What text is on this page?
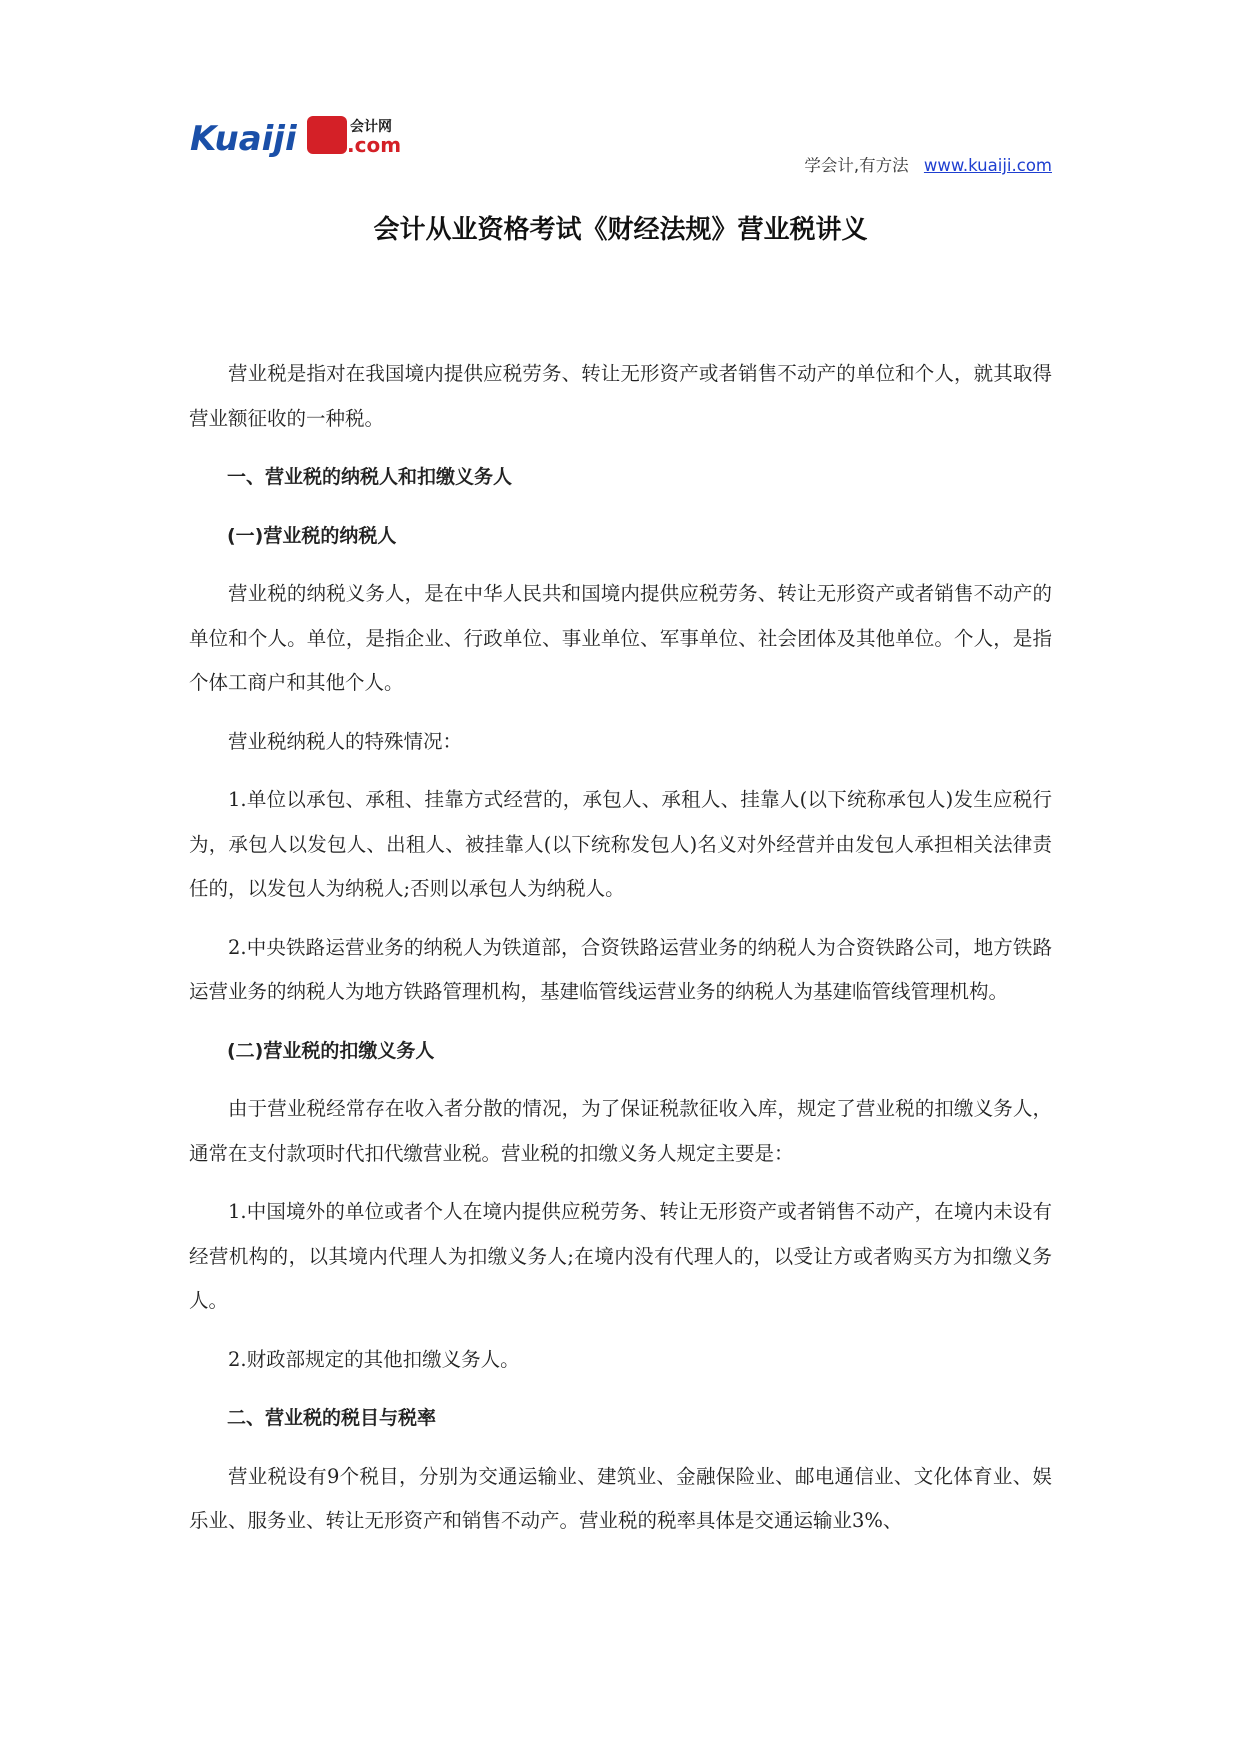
Kuaiji	会计网
.com
学会计,有方法 www.kuaiji.com
会计从业资格考试《财经法规》营业税讲义

营业税是指对在我国境内提供应税劳务、转让无形资产或者销售不动产的单位和个人，就其取得营业额征收的一种税。

一、营业税的纳税人和扣缴义务人

(一)营业税的纳税人

营业税的纳税义务人，是在中华人民共和国境内提供应税劳务、转让无形资产或者销售不动产的单位和个人。单位，是指企业、行政单位、事业单位、军事单位、社会团体及其他单位。个人，是指个体工商户和其他个人。

营业税纳税人的特殊情况：

1.单位以承包、承租、挂靠方式经营的，承包人、承租人、挂靠人(以下统称承包人)发生应税行为，承包人以发包人、出租人、被挂靠人(以下统称发包人)名义对外经营并由发包人承担相关法律责任的，以发包人为纳税人;否则以承包人为纳税人。

2.中央铁路运营业务的纳税人为铁道部，合资铁路运营业务的纳税人为合资铁路公司，地方铁路运营业务的纳税人为地方铁路管理机构，基建临管线运营业务的纳税人为基建临管线管理机构。

(二)营业税的扣缴义务人

由于营业税经常存在收入者分散的情况，为了保证税款征收入库，规定了营业税的扣缴义务人，通常在支付款项时代扣代缴营业税。营业税的扣缴义务人规定主要是：

1.中国境外的单位或者个人在境内提供应税劳务、转让无形资产或者销售不动产，在境内未设有经营机构的，以其境内代理人为扣缴义务人;在境内没有代理人的，以受让方或者购买方为扣缴义务人。

2.财政部规定的其他扣缴义务人。

二、营业税的税目与税率

营业税设有9个税目，分别为交通运输业、建筑业、金融保险业、邮电通信业、文化体育业、娱乐业、服务业、转让无形资产和销售不动产。营业税的税率具体是交通运输业3%、
